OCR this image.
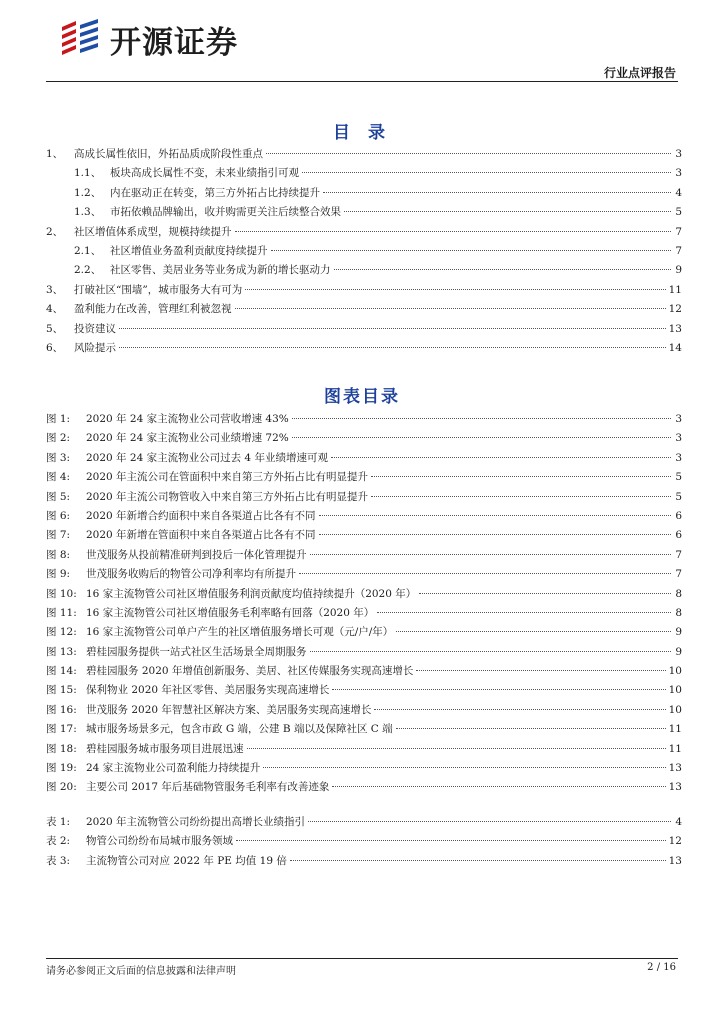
开源证券
行业点评报告
目 录
1、	高成长属性依旧，外拓品质成阶段性重点	3
1.1、 板块高成长属性不变，未来业绩指引可观	3
1.2、 内在驱动正在转变，第三方外拓占比持续提升	4
1.3、 市拓依赖品牌输出，收并购需更关注后续整合效果	5
2、	社区增值体系成型，规模持续提升	7
2.1、 社区增值业务盈利贡献度持续提升	7
2.2、 社区零售、美居业务等业务成为新的增长驱动力	9
3、	打破社区“围墙”，城市服务大有可为	11
4、	盈利能力在改善，管理红利被忽视	12
5、	投资建议	13
6、	风险提示	14
图表目录
图 1:	2020 年 24 家主流物业公司营收增速 43%	3
图 2:	2020 年 24 家主流物业公司业绩增速 72%	3
图 3:	2020 年 24 家主流物业公司过去 4 年业绩增速可观	3
图 4:	2020 年主流公司在管面积中来自第三方外拓占比有明显提升	5
图 5:	2020 年主流公司物管收入中来自第三方外拓占比有明显提升	5
图 6:	2020 年新增合约面积中来自各渠道占比各有不同	6
图 7:	2020 年新增在管面积中来自各渠道占比各有不同	6
图 8:	世茂服务从投前精准研判到投后一体化管理提升	7
图 9:	世茂服务收购后的物管公司净利率均有所提升	7
图 10: 16 家主流物管公司社区增值服务利润贡献度均值持续提升（2020 年）	8
图 11: 16 家主流物管公司社区增值服务毛利率略有回落（2020 年）	8
图 12: 16 家主流物管公司单户产生的社区增值服务增长可观（元/户/年）	9
图 13: 碧桂园服务提供一站式社区生活场景全周期服务	9
图 14: 碧桂园服务 2020 年增值创新服务、美居、社区传媒服务实现高速增长	10
图 15: 保利物业 2020 年社区零售、美居服务实现高速增长	10
图 16: 世茂服务 2020 年智慧社区解决方案、美居服务实现高速增长	10
图 17: 城市服务场景多元，包含市政 G 端，公建 B 端以及保障社区 C 端	11
图 18: 碧桂园服务城市服务项目进展迅速	11
图 19: 24 家主流物业公司盈利能力持续提升	13
图 20: 主要公司 2017 年后基础物管服务毛利率有改善迹象	13
表 1:	2020 年主流物管公司纷纷提出高增长业绩指引	4
表 2:	物管公司纷纷布局城市服务领域	12
表 3:	主流物管公司对应 2022 年 PE 均值 19 倍	13
请务必参阅正文后面的信息披露和法律声明	2 / 16
